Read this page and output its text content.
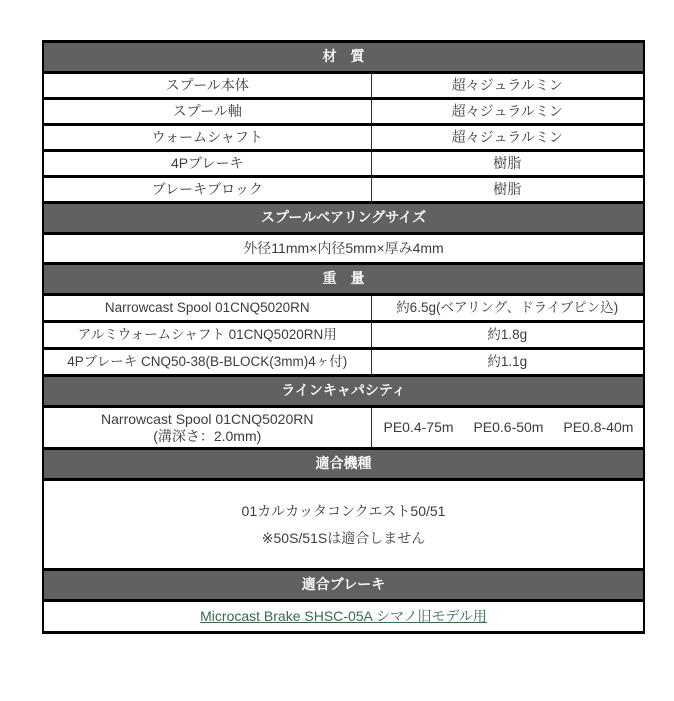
材　質	
スプール本体	超々ジュラルミン
スプール軸	超々ジュラルミン
ウォームシャフト	超々ジュラルミン
4Pブレーキ	樹脂
ブレーキブロック	樹脂
スプールベアリングサイズ	
外径11mm×内径5mm×厚み4mm	
重　量	
Narrowcast Spool 01CNQ5020RN	約6.5g(ベアリング、ドライブピン込)
アルミウォームシャフト 01CNQ5020RN用	約1.8g
4Pブレーキ CNQ50-38(B-BLOCK(3mm)4ヶ付)	約1.1g
ラインキャパシティ	

Narrowcast Spool 01CNQ5020RN
(溝深さ：2.0mm)	PE0.4-75m PE0.6-50m PE0.8-40m
適合機種	

01カルカッタコンクエスト50/51
※50S/51Sは適合しません	

適合ブレーキ	
Microcast Brake SHSC-05A シマノ旧モデル用	
